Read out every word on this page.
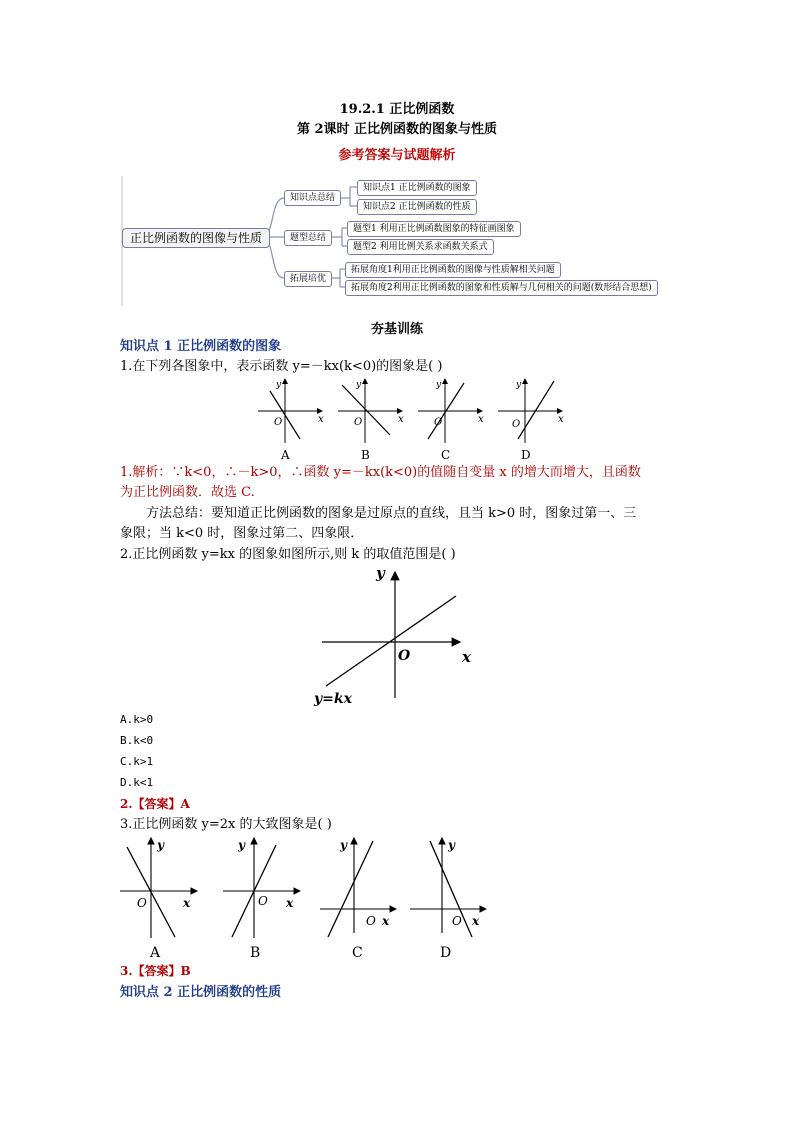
19.2.1 正比例函数
第 2课时 正比例函数的图象与性质
参考答案与试题解析
正比例函数的图像与性质
知识点总结
题型总结
拓展培优
知识点1 正比例函数的图象
知识点2 正比例函数的性质
题型1 利用正比例函数图象的特征画图象
题型2 利用比例关系求函数关系式
拓展角度1利用正比例函数的图像与性质解相关问题
拓展角度2利用正比例函数的图象和性质解与几何相关的问题(数形结合思想)
夯基训练
知识点 1 正比例函数的图象
1.在下列各图象中，表示函数 y=－kx(k<0)的图象是( )
y
x
O
A
y
x
O
B
y
x
O
C
y
x
O
D
1.解析：∵k<0，∴－k>0，∴函数 y=－kx(k<0)的值随自变量 x 的增大而增大，且函数
为正比例函数．故选 C.
方法总结：要知道正比例函数的图象是过原点的直线，且当 k>0 时，图象过第一、三
象限；当 k<0 时，图象过第二、四象限．
2.正比例函数 y=kx 的图象如图所示,则 k 的取值范围是( )
y
x
O
y=kx
A.k>0
B.k<0
C.k>1
D.k<1
2.【答案】A
3.正比例函数 y=2x 的大致图象是( )
y
x
O
A
y
x
O
B
y
x
O
C
y
x
O
D
3.【答案】B
知识点 2 正比例函数的性质
